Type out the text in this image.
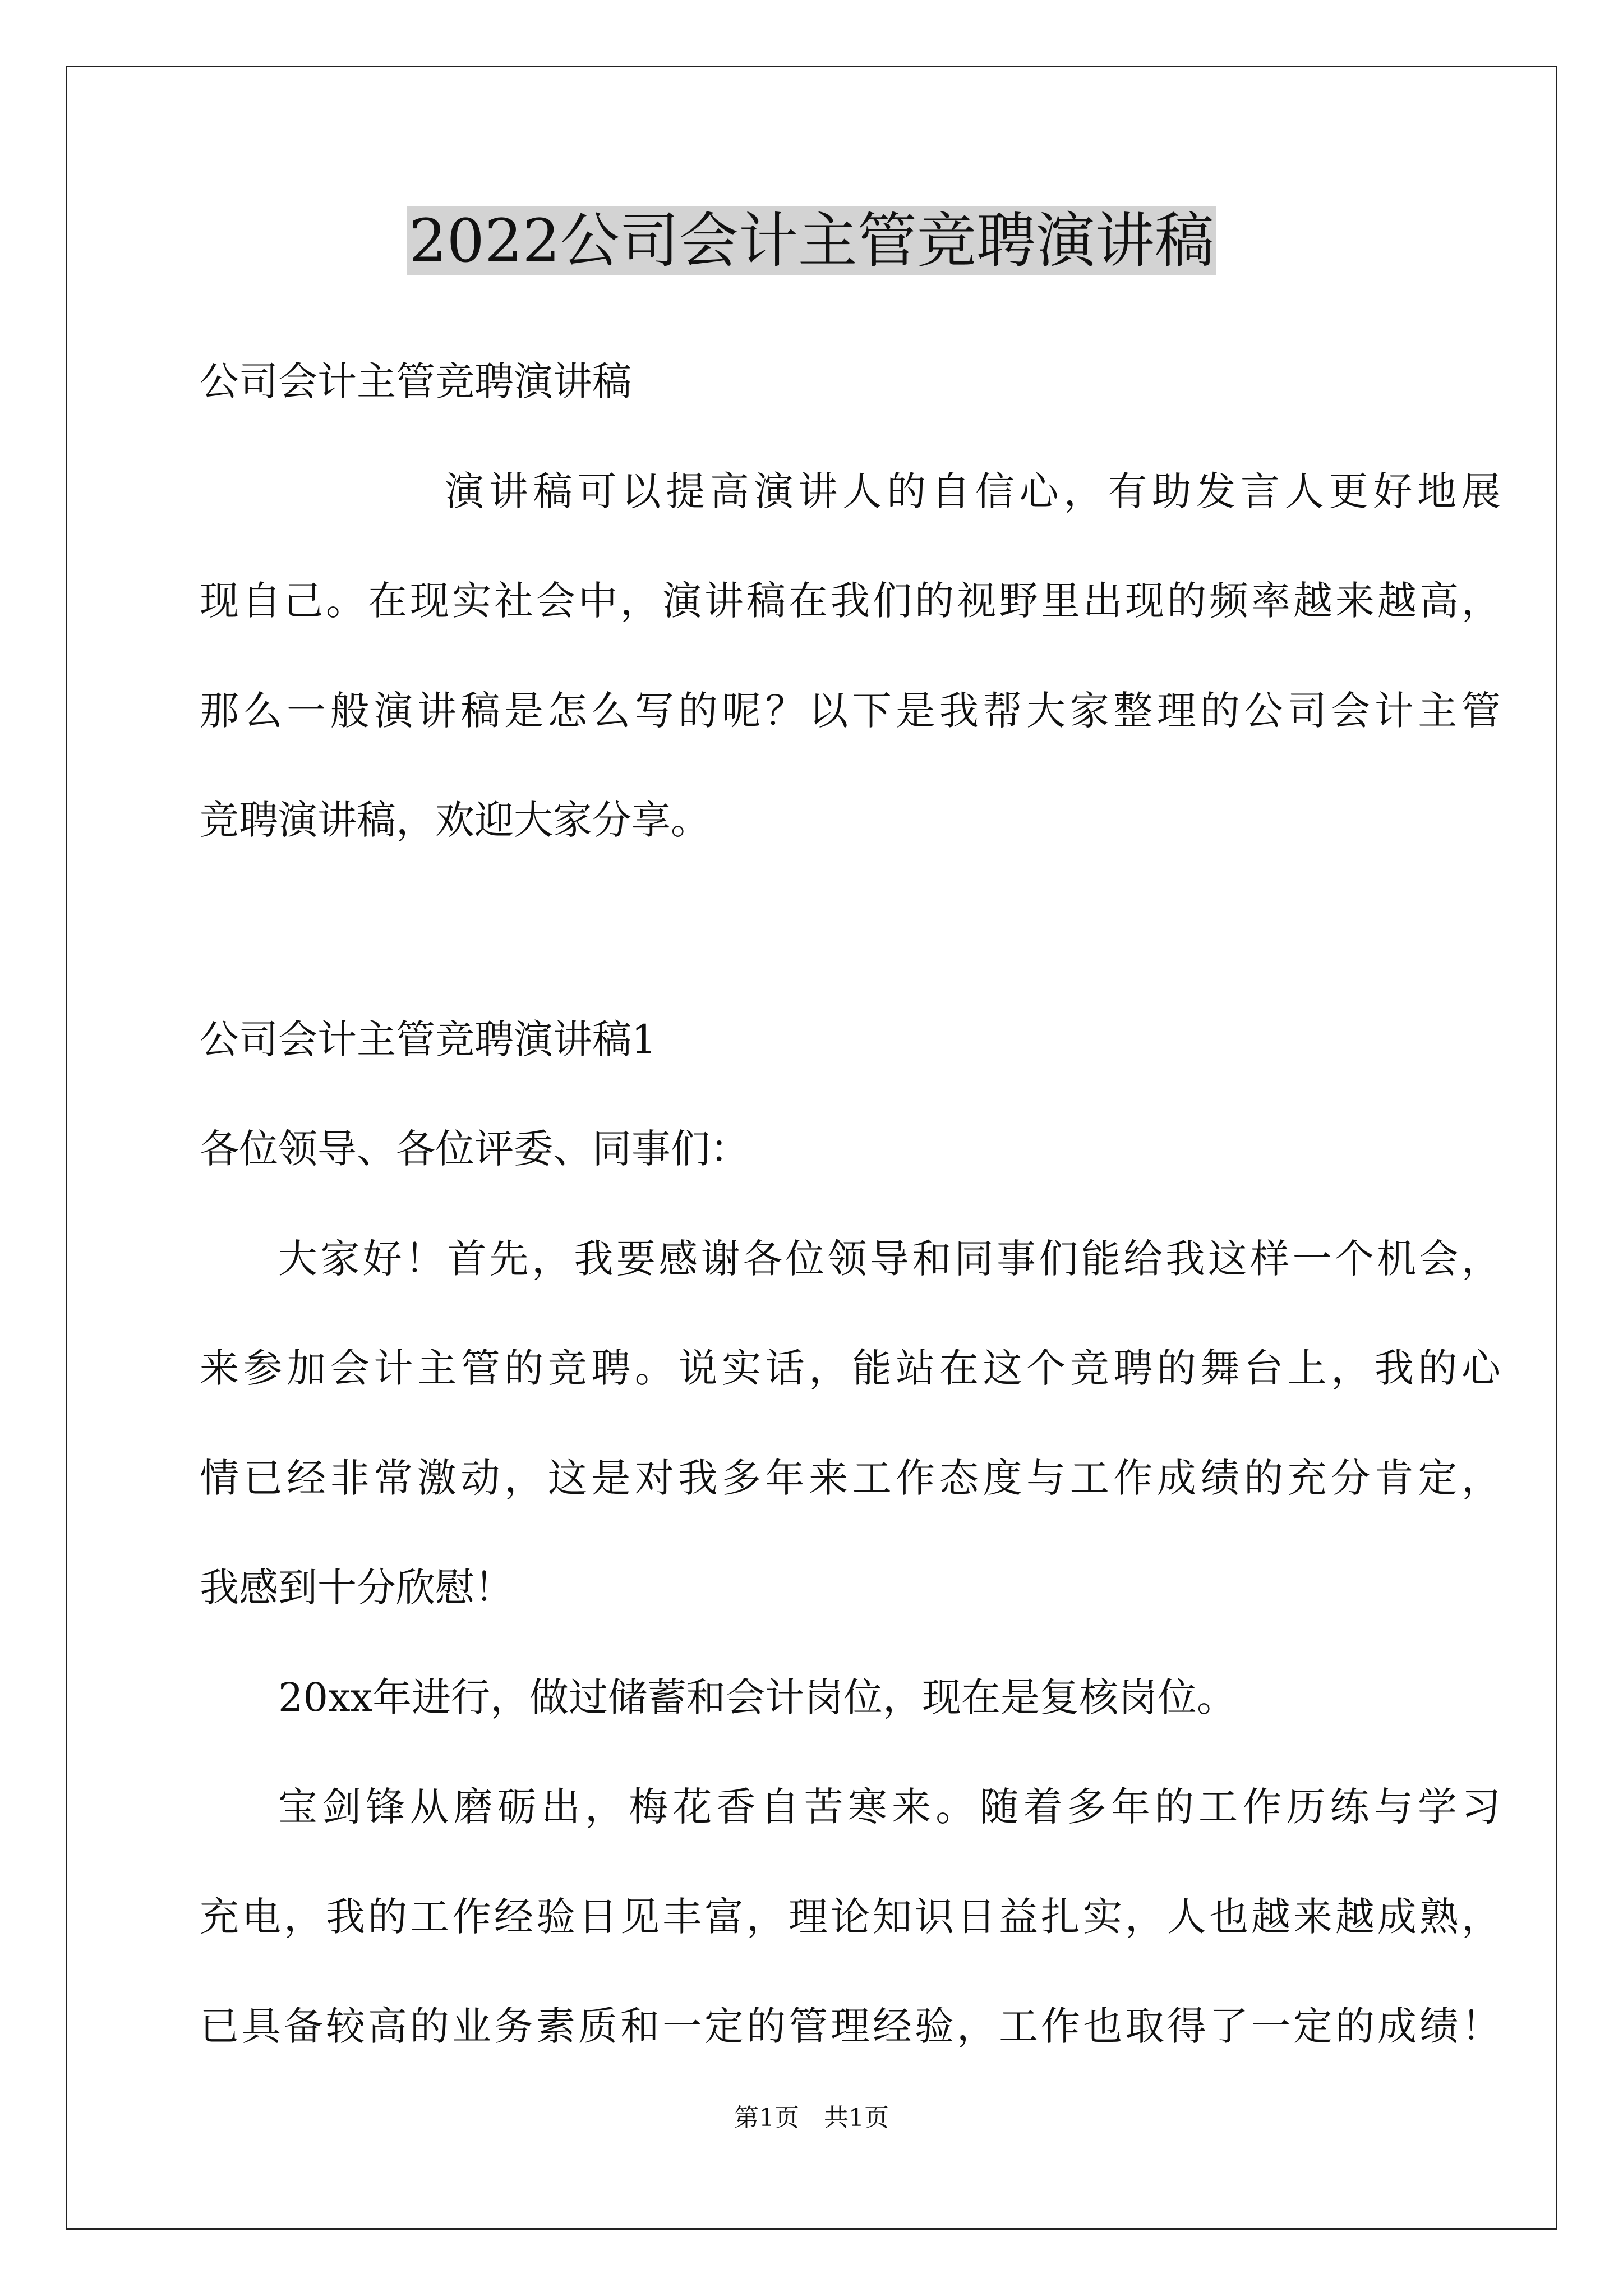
2022公司会计主管竞聘演讲稿
公司会计主管竞聘演讲稿
演讲稿可以提高演讲人的自信心，有助发言人更好地展
现自己。在现实社会中，演讲稿在我们的视野里出现的频率越来越高，
那么一般演讲稿是怎么写的呢？以下是我帮大家整理的公司会计主管
竞聘演讲稿，欢迎大家分享。
公司会计主管竞聘演讲稿1
各位领导、各位评委、同事们：
大家好！首先，我要感谢各位领导和同事们能给我这样一个机会，
来参加会计主管的竞聘。说实话，能站在这个竞聘的舞台上，我的心
情已经非常激动，这是对我多年来工作态度与工作成绩的充分肯定，
我感到十分欣慰！
20xx年进行，做过储蓄和会计岗位，现在是复核岗位。
宝剑锋从磨砺出，梅花香自苦寒来。随着多年的工作历练与学习
充电，我的工作经验日见丰富，理论知识日益扎实，人也越来越成熟，
已具备较高的业务素质和一定的管理经验，工作也取得了一定的成绩！
第1页 共1页
